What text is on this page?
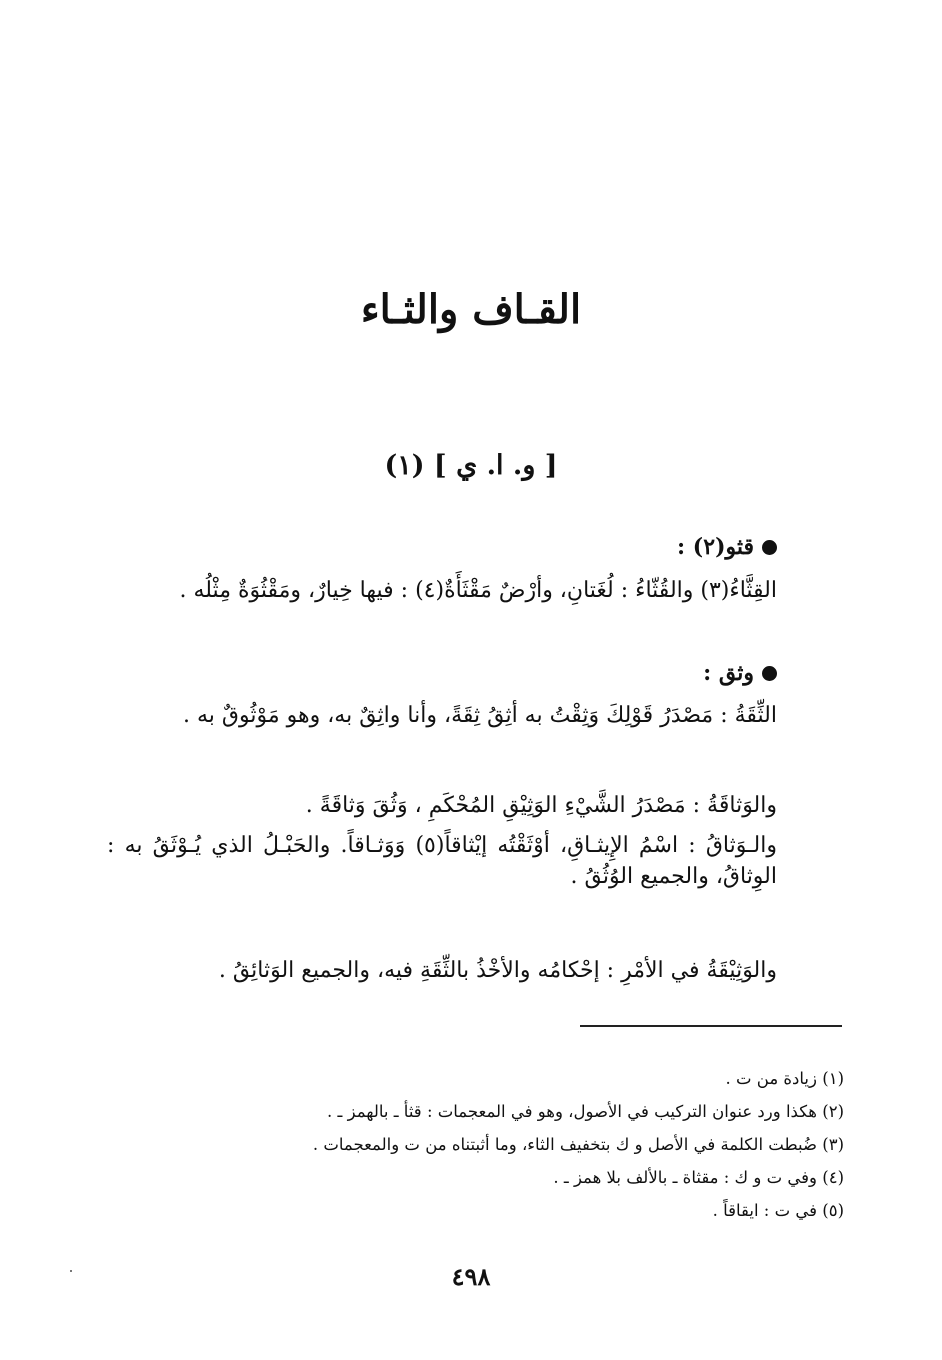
القـاف والثـاء
[ و. ا. ي ] (١)
قثو(٢) :

القِثَّاءُ(٣) والقُثّاءُ : لُغَتانِ، وأرْضٌ مَقْثَأَةٌ(٤) : فيها خِيارٌ، ومَقْثُوَةٌ مِثْلُه .

وثق :

الثِّقَةُ : مَصْدَرُ قَوْلِكَ وَثِقْتُ به أثِقُ ثِقَةً، وأنا واثِقٌ به، وهو مَوْثُوقٌ به .

والوَثاقَةُ : مَصْدَرُ الشَّيْءِ الوَثِيْقِ المُحْكَمِ ، وَثُقَ وَثاقَةً .

والـوَثاقُ : اسْمُ الإِيثـاقِ، أوْثَقْتُه إيْثاقاً(٥) وَوَثـاقاً. والحَبْـلُ الذي يُـوْثَقُ به : الوِثاقُ، والجميع الوُثُقُ .

والوَثِيْقَةُ في الأمْرِ : إحْكامُه والأخْذُ بالثِّقَةِ فيه، والجميع الوَثائِقُ .

(١) زيادة من ت .
(٢) هكذا ورد عنوان التركيب في الأصول، وهو في المعجمات : قثأ ـ بالهمز ـ .
(٣) ضُبطت الكلمة في الأصل و ك بتخفيف الثاء، وما أثبتناه من ت والمعجمات .
(٤) وفي ت و ك : مقثاة ـ بالألف بلا همز ـ .
(٥) في ت : ايقاقاً .

٤٩٨
